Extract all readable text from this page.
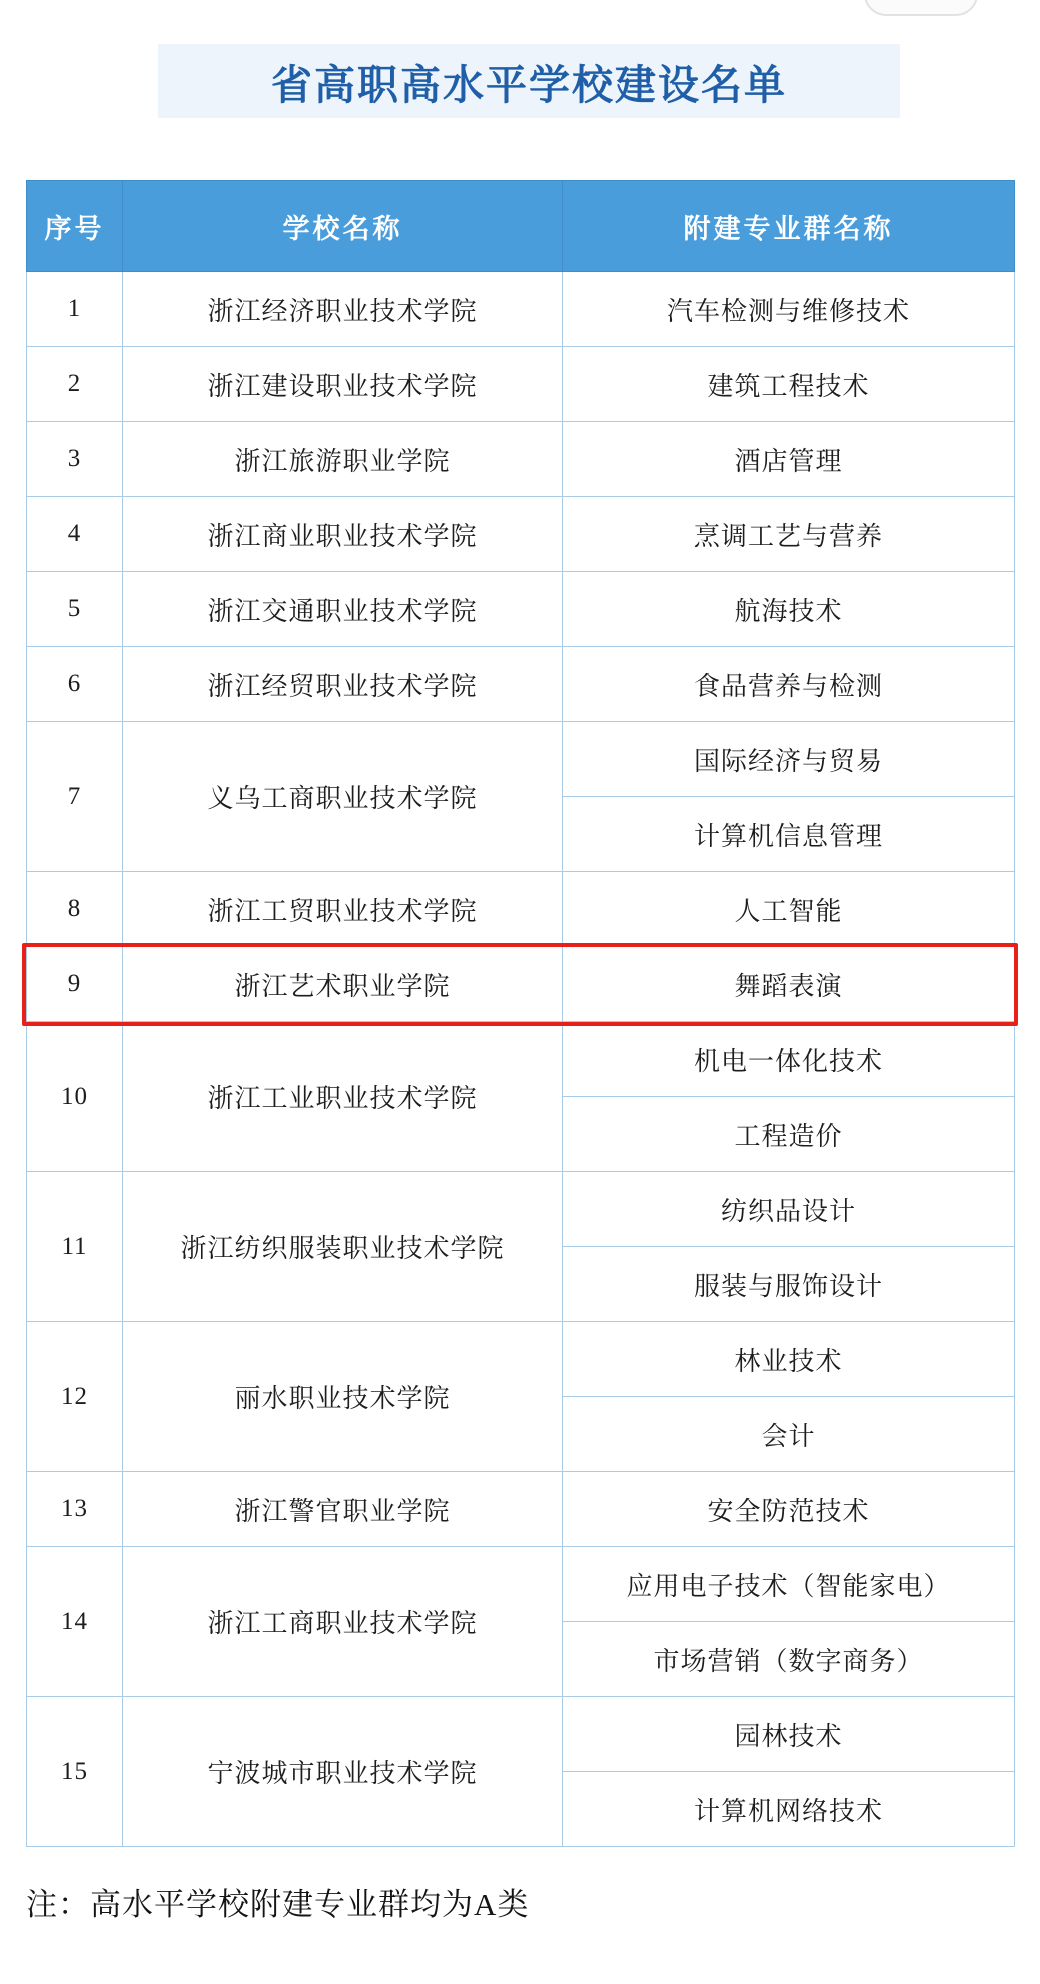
省高职高水平学校建设名单
序号	学校名称	附建专业群名称
1	浙江经济职业技术学院	汽车检测与维修技术
2	浙江建设职业技术学院	建筑工程技术
3	浙江旅游职业学院	酒店管理
4	浙江商业职业技术学院	烹调工艺与营养
5	浙江交通职业技术学院	航海技术
6	浙江经贸职业技术学院	食品营养与检测
7	义乌工商职业技术学院	国际经济与贸易
		计算机信息管理
8	浙江工贸职业技术学院	人工智能
9	浙江艺术职业学院	舞蹈表演
10	浙江工业职业技术学院	机电一体化技术
		工程造价
11	浙江纺织服装职业技术学院	纺织品设计
		服装与服饰设计
12	丽水职业技术学院	林业技术
		会计
13	浙江警官职业学院	安全防范技术
14	浙江工商职业技术学院	应用电子技术（智能家电）
		市场营销（数字商务）
15	宁波城市职业技术学院	园林技术
		计算机网络技术
注：高水平学校附建专业群均为A类
